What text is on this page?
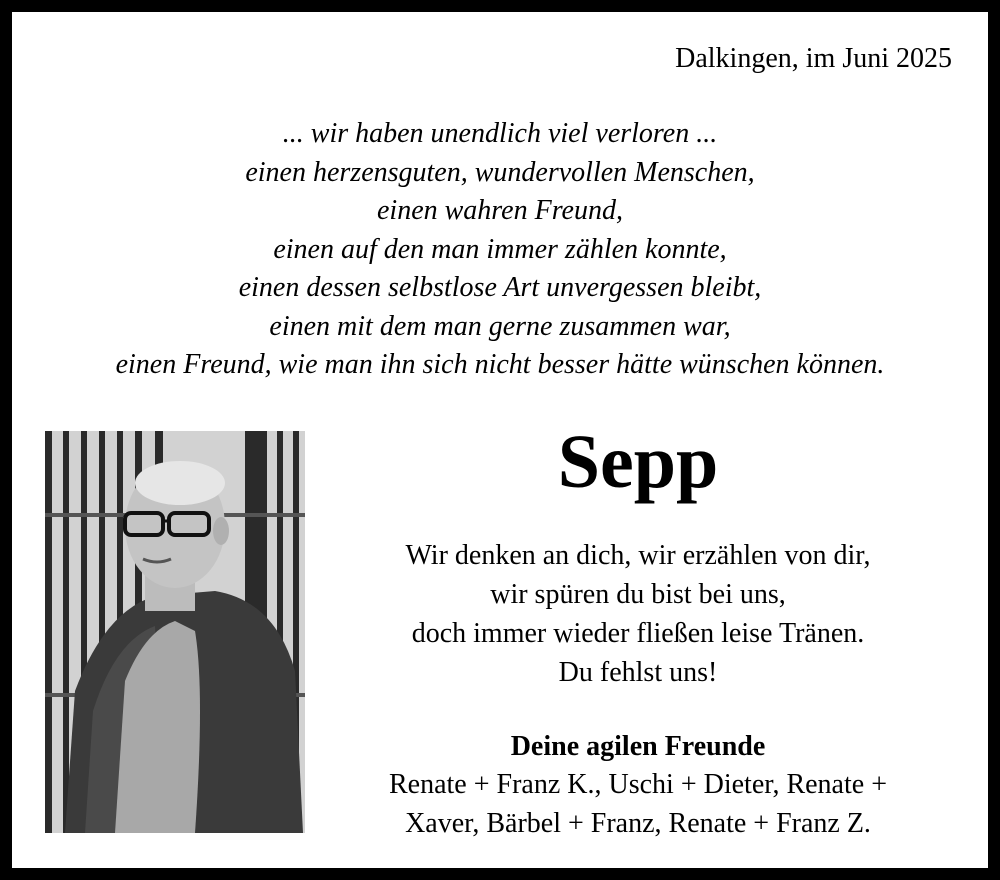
Dalkingen, im Juni 2025
... wir haben unendlich viel verloren ...
einen herzensguten, wundervollen Menschen,
einen wahren Freund,
einen auf den man immer zählen konnte,
einen dessen selbstlose Art unvergessen bleibt,
einen mit dem man gerne zusammen war,
einen Freund, wie man ihn sich nicht besser hätte wünschen können.
Sepp
Wir denken an dich, wir erzählen von dir,
wir spüren du bist bei uns,
doch immer wieder fließen leise Tränen.
Du fehlst uns!
Deine agilen Freunde
Renate + Franz K., Uschi + Dieter, Renate +
Xaver, Bärbel + Franz, Renate + Franz Z.
